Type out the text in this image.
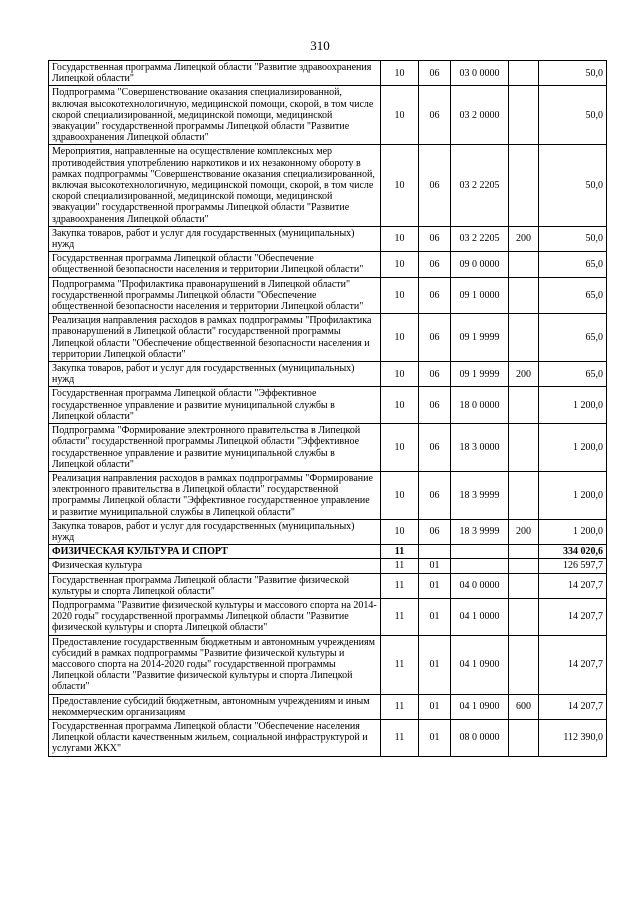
310
Государственная программа Липецкой области "Развитие здравоохранения Липецкой области"	10	06	03 0 0000		50,0
Подпрограмма "Совершенствование оказания специализированной, включая высокотехнологичную, медицинской помощи, скорой, в том числе скорой специализированной, медицинской помощи, медицинской эвакуации" государственной программы Липецкой области "Развитие здравоохранения Липецкой области"	10	06	03 2 0000		50,0
Мероприятия, направленные на осуществление комплексных мер противодействия употреблению наркотиков и их незаконному обороту в рамках подпрограммы "Совершенствование оказания специализированной, включая высокотехнологичную, медицинской помощи, скорой, в том числе скорой специализированной, медицинской помощи, медицинской эвакуации" государственной программы Липецкой области "Развитие здравоохранения Липецкой области"	10	06	03 2 2205		50,0
Закупка товаров, работ и услуг для государственных (муниципальных) нужд	10	06	03 2 2205	200	50,0
Государственная программа Липецкой области "Обеспечение общественной безопасности населения и территории Липецкой области"	10	06	09 0 0000		65,0
Подпрограмма "Профилактика правонарушений в Липецкой области" государственной программы Липецкой области "Обеспечение общественной безопасности населения и территории Липецкой области"	10	06	09 1 0000		65,0
Реализация направления расходов в рамках подпрограммы "Профилактика правонарушений в Липецкой области" государственной программы Липецкой области "Обеспечение общественной безопасности населения и территории Липецкой области"	10	06	09 1 9999		65,0
Закупка товаров, работ и услуг для государственных (муниципальных) нужд	10	06	09 1 9999	200	65,0
Государственная программа Липецкой области "Эффективное государственное управление и развитие муниципальной службы в Липецкой области"	10	06	18 0 0000		1 200,0
Подпрограмма "Формирование электронного правительства в Липецкой области" государственной программы Липецкой области "Эффективное государственное управление и развитие муниципальной службы в Липецкой области"	10	06	18 3 0000		1 200,0
Реализация направления расходов в рамках подпрограммы "Формирование электронного правительства в Липецкой области" государственной программы Липецкой области "Эффективное государственное управление и развитие муниципальной службы в Липецкой области"	10	06	18 3 9999		1 200,0
Закупка товаров, работ и услуг для государственных (муниципальных) нужд	10	06	18 3 9999	200	1 200,0
ФИЗИЧЕСКАЯ КУЛЬТУРА И СПОРТ	11				334 020,6
Физическая культура	11	01			126 597,7
Государственная программа Липецкой области "Развитие физической культуры и спорта Липецкой области"	11	01	04 0 0000		14 207,7
Подпрограмма "Развитие физической культуры и массового спорта на 2014-2020 годы" государственной программы Липецкой области "Развитие физической культуры и спорта Липецкой области"	11	01	04 1 0000		14 207,7
Предоставление государственным бюджетным и автономным учреждениям субсидий в рамках подпрограммы "Развитие физической культуры и массового спорта на 2014-2020 годы" государственной программы Липецкой области "Развитие физической культуры и спорта Липецкой области"	11	01	04 1 0900		14 207,7
Предоставление субсидий бюджетным, автономным учреждениям и иным некоммерческим организациям	11	01	04 1 0900	600	14 207,7
Государственная программа Липецкой области "Обеспечение населения Липецкой области качественным жильем, социальной инфраструктурой и услугами ЖКХ"	11	01	08 0 0000		112 390,0
